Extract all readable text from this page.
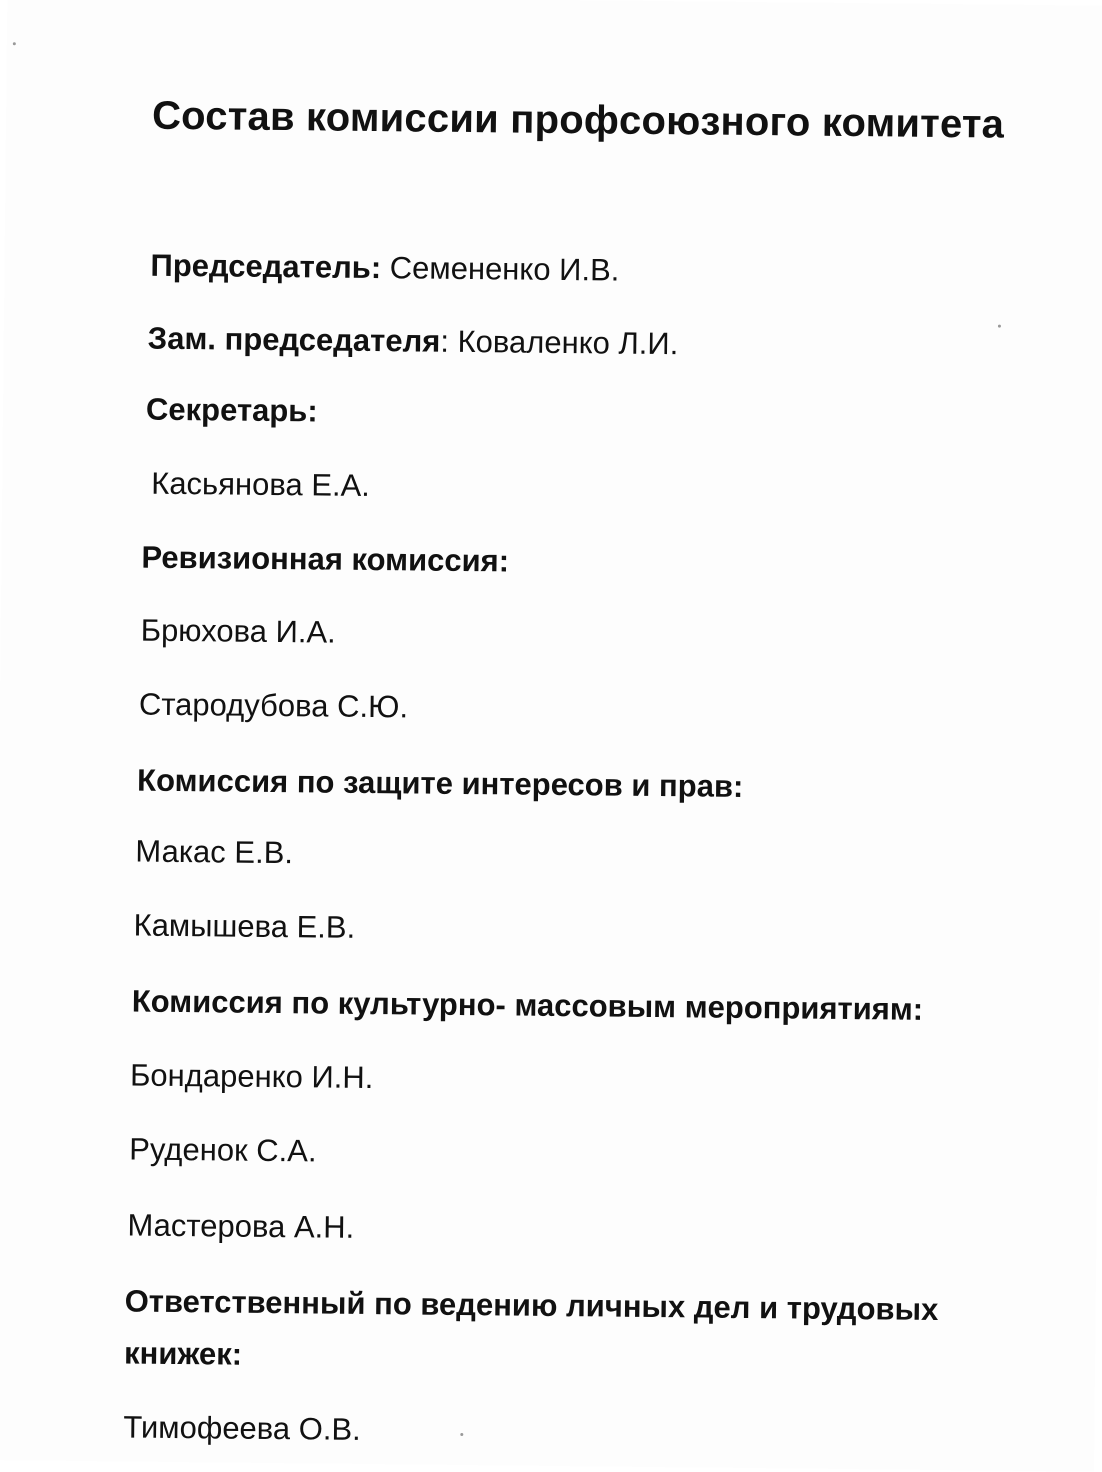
Состав комиссии профсоюзного комитета
Председатель: Семененко И.В.
Зам. председателя: Коваленко Л.И.
Секретарь:
Касьянова Е.А.
Ревизионная комиссия:
Брюхова И.А.
Стародубова С.Ю.
Комиссия по защите интересов и прав:
Макас Е.В.
Камышева Е.В.
Комиссия по культурно- массовым мероприятиям:
Бондаренко И.Н.
Руденок С.А.
Мастерова А.Н.
Ответственный по ведению личных дел и трудовых книжек:
Тимофеева О.В.
